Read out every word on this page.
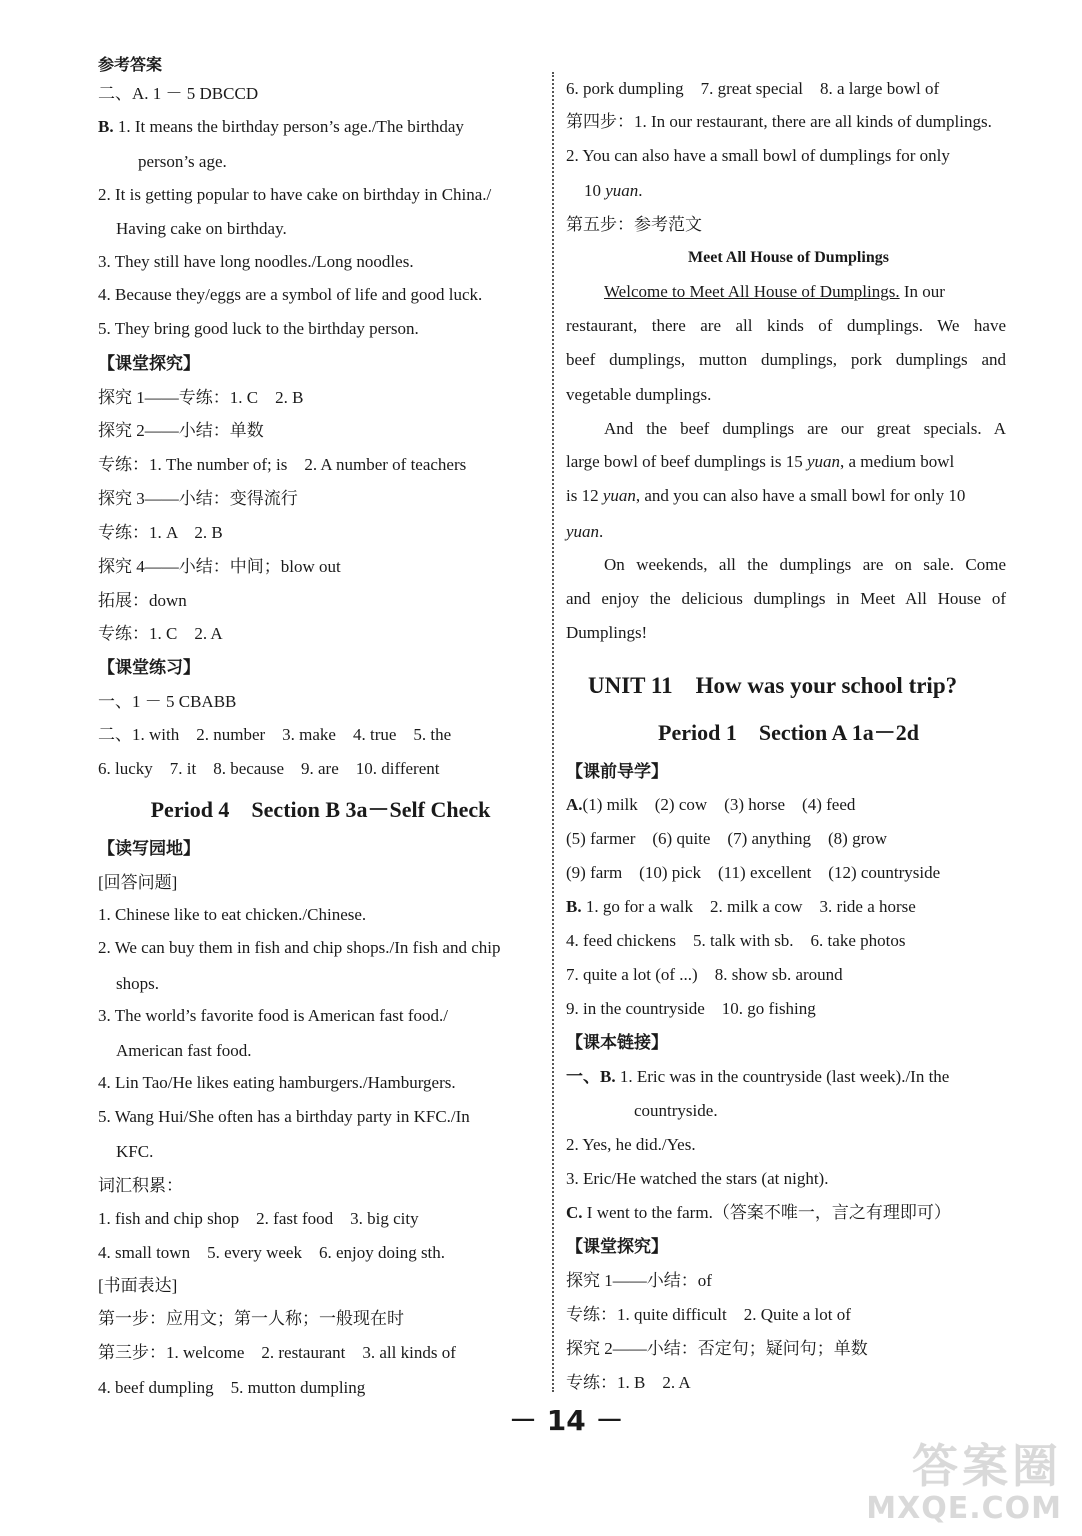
参考答案
二、A. 1 － 5 DBCCD
B. 1. It means the birthday person’s age./The birthday
person’s age.
2. It is getting popular to have cake on birthday in China./
Having cake on birthday.
3. They still have long noodles./Long noodles.
4. Because they/eggs are a symbol of life and good luck.
5. They bring good luck to the birthday person.
【课堂探究】
探究 1——专练：1. C　2. B
探究 2——小结：单数
专练：1. The number of; is　2. A number of teachers
探究 3——小结：变得流行
专练：1. A　2. B
探究 4——小结：中间；blow out
拓展：down
专练：1. C　2. A
【课堂练习】
一、1 － 5 CBABB
二、1. with　2. number　3. make　4. true　5. the
6. lucky　7. it　8. because　9. are　10. different
Period 4　Section B 3a－Self Check
【读写园地】
[回答问题]
1. Chinese like to eat chicken./Chinese.
2. We can buy them in fish and chip shops./In fish and chip
shops.
3. The world’s favorite food is American fast food./
American fast food.
4. Lin Tao/He likes eating hamburgers./Hamburgers.
5. Wang Hui/She often has a birthday party in KFC./In
KFC.
词汇积累：
1. fish and chip shop　2. fast food　3. big city
4. small town　5. every week　6. enjoy doing sth.
[书面表达]
第一步：应用文；第一人称；一般现在时
第三步：1. welcome　2. restaurant　3. all kinds of
4. beef dumpling　5. mutton dumpling
6. pork dumpling　7. great special　8. a large bowl of
第四步：1. In our restaurant, there are all kinds of dumplings.
2. You can also have a small bowl of dumplings for only
10 yuan.
第五步：参考范文
Meet All House of Dumplings
Welcome to Meet All House of Dumplings. In our
restaurant, there are all kinds of dumplings. We have
beef dumplings, mutton dumplings, pork dumplings and
vegetable dumplings.
And the beef dumplings are our great specials. A
large bowl of beef dumplings is 15 yuan, a medium bowl
is 12 yuan, and you can also have a small bowl for only 10
yuan.
On weekends, all the dumplings are on sale. Come
and enjoy the delicious dumplings in Meet All House of
Dumplings!
UNIT 11　How was your school trip?
Period 1　Section A 1a－2d
【课前导学】
A.(1) milk　(2) cow　(3) horse　(4) feed
(5) farmer　(6) quite　(7) anything　(8) grow
(9) farm　(10) pick　(11) excellent　(12) countryside
B. 1. go for a walk　2. milk a cow　3. ride a horse
4. feed chickens　5. talk with sb.　6. take photos
7. quite a lot (of ...)　8. show sb. around
9. in the countryside　10. go fishing
【课本链接】
一、B. 1. Eric was in the countryside (last week)./In the
countryside.
2. Yes, he did./Yes.
3. Eric/He watched the stars (at night).
C. I went to the farm.（答案不唯一，言之有理即可）
【课堂探究】
探究 1——小结：of
专练：1. quite difficult　2. Quite a lot of
探究 2——小结：否定句；疑问句；单数
专练：1. B　2. A
－ 14 －
答案圈
MXQE.COM
